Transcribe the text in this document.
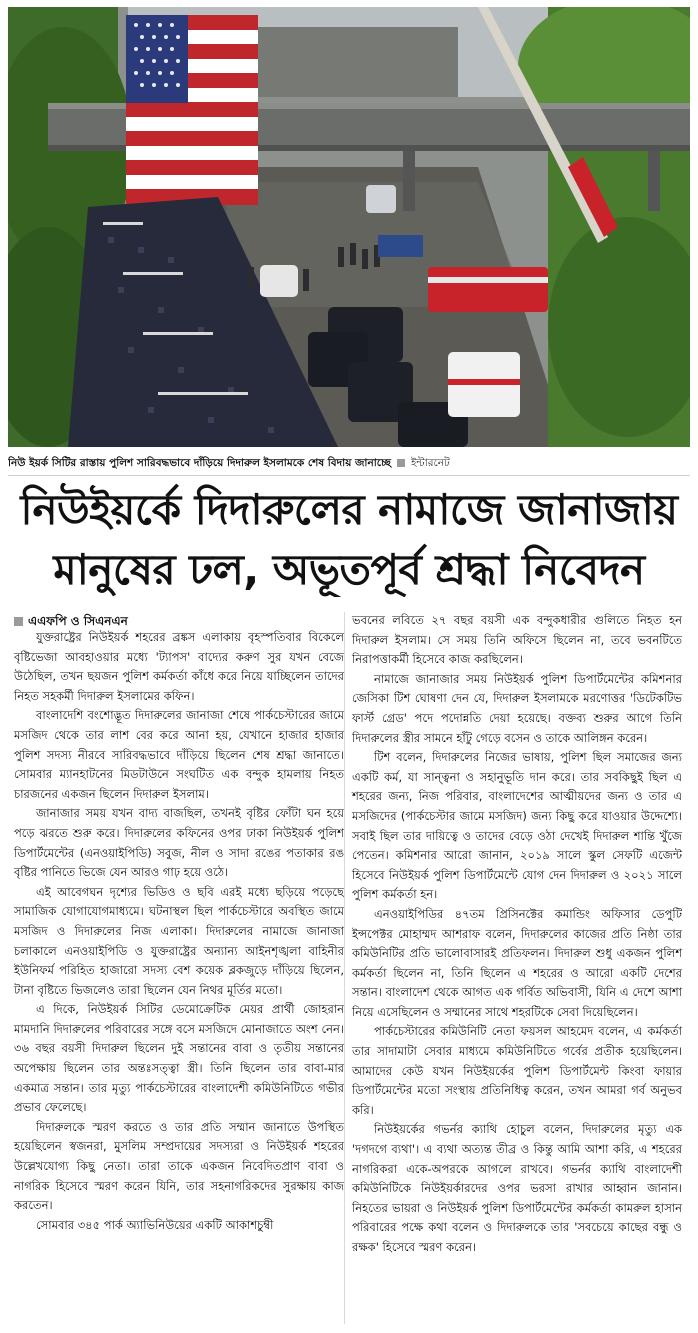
নিউ ইয়র্ক সিটির রাস্তায় পুলিশ সারিবদ্ধভাবে দাঁড়িয়ে দিদারুল ইসলামকে শেষ বিদায় জানাচ্ছে ইন্টারনেট
নিউইয়র্কে দিদারুলের নামাজে জানাজায়
মানুষের ঢল, অভূতপূর্ব শ্রদ্ধা নিবেদন
এএফপি ও সিএনএন

যুক্তরাষ্ট্রের নিউইয়র্ক শহরের ব্রঙ্কস এলাকায় বৃহস্পতিবার বিকেলে বৃষ্টিভেজা আবহাওয়ার মধ্যে 'ট্যাপস' বাদ্যের করুণ সুর যখন বেজে উঠেছিল, তখন ছয়জন পুলিশ কর্মকর্তা কাঁধে করে নিয়ে যাচ্ছিলেন তাদের নিহত সহকর্মী দিদারুল ইসলামের কফিন।

বাংলাদেশি বংশোদ্ভূত দিদারুলের জানাজা শেষে পার্কচেস্টারের জামে মসজিদ থেকে তার লাশ বের করে আনা হয়, যেখানে হাজার হাজার পুলিশ সদস্য নীরবে সারিবদ্ধভাবে দাঁড়িয়ে ছিলেন শেষ শ্রদ্ধা জানাতে। সোমবার ম্যানহাটনের মিডটাউনে সংঘটিত এক বন্দুক হামলায় নিহত চারজনের একজন ছিলেন দিদারুল ইসলাম।

জানাজার সময় যখন বাদ্য বাজছিল, তখনই বৃষ্টির ফোঁটা ঘন হয়ে পড়ে ঝরতে শুরু করে। দিদারুলের কফিনের ওপর ঢাকা নিউইয়র্ক পুলিশ ডিপার্টমেন্টের (এনওয়াইপিডি) সবুজ, নীল ও সাদা রঙের পতাকার রঙ বৃষ্টির পানিতে ভিজে যেন আরও গাঢ় হয়ে ওঠে।

এই আবেগঘন দৃশ্যের ভিডিও ও ছবি এরই মধ্যে ছড়িয়ে পড়েছে সামাজিক যোগাযোগমাধ্যমে। ঘটনাস্থল ছিল পার্কচেস্টারে অবস্থিত জামে মসজিদ ও দিদারুলের নিজ এলাকা। দিদারুলের নামাজে জানাজা চলাকালে এনওয়াইপিডি ও যুক্তরাষ্ট্রের অন্যান্য আইনশৃঙ্খলা বাহিনীর ইউনিফর্ম পরিহিত হাজারো সদস্য বেশ কয়েক ব্লকজুড়ে দাঁড়িয়ে ছিলেন, টানা বৃষ্টিতে ভিজলেও তারা ছিলেন যেন নিথর মূর্তির মতো।

এ দিকে, নিউইয়র্ক সিটির ডেমোক্রেটিক মেয়র প্রার্থী জোহরান মামদানি দিদারুলের পরিবারের সঙ্গে বসে মসজিদে মোনাজাতে অংশ নেন। ৩৬ বছর বয়সী দিদারুল ছিলেন দুই সন্তানের বাবা ও তৃতীয় সন্তানের অপেক্ষায় ছিলেন তার অন্তঃসত্ত্বা স্ত্রী। তিনি ছিলেন তার বাবা-মার একমাত্র সন্তান। তার মৃত্যু পার্কচেস্টারের বাংলাদেশী কমিউনিটিতে গভীর প্রভাব ফেলেছে।

দিদারুলকে স্মরণ করতে ও তার প্রতি সম্মান জানাতে উপস্থিত হয়েছিলেন স্বজনরা, মুসলিম সম্প্রদায়ের সদস্যরা ও নিউইয়র্ক শহরের উল্লেখযোগ্য কিছু নেতা। তারা তাকে একজন নিবেদিতপ্রাণ বাবা ও নাগরিক হিসেবে স্মরণ করেন যিনি, তার সহনাগরিকদের সুরক্ষায় কাজ করতেন।

সোমবার ৩৪৫ পার্ক অ্যাভিনিউয়ের একটি আকাশচুম্বী

ভবনের লবিতে ২৭ বছর বয়সী এক বন্দুকধারীর গুলিতে নিহত হন দিদারুল ইসলাম। সে সময় তিনি অফিসে ছিলেন না, তবে ভবনটিতে নিরাপত্তাকর্মী হিসেবে কাজ করছিলেন।

নামাজে জানাজার সময় নিউইয়র্ক পুলিশ ডিপার্টমেন্টের কমিশনার জেসিকা টিশ ঘোষণা দেন যে, দিদারুল ইসলামকে মরণোত্তর 'ডিটেকটিভ ফার্স্ট গ্রেড' পদে পদোন্নতি দেয়া হয়েছে। বক্তব্য শুরুর আগে তিনি দিদারুলের স্ত্রীর সামনে হাঁটু গেড়ে বসেন ও তাকে আলিঙ্গন করেন।

টিশ বলেন, দিদারুলের নিজের ভাষায়, পুলিশ ছিল সমাজের জন্য একটি কর্ম, যা সান্ত্বনা ও সহানুভূতি দান করে। তার সবকিছুই ছিল এ শহরের জন্য, নিজ পরিবার, বাংলাদেশের আত্মীয়দের জন্য ও তার এ মসজিদের (পার্কচেস্টার জামে মসজিদ) জন্য কিছু করে যাওয়ার উদ্দেশ্যে। সবাই ছিল তার দায়িত্বে ও তাদের বেড়ে ওঠা দেখেই দিদারুল শান্তি খুঁজে পেতেন। কমিশনার আরো জানান, ২০১৯ সালে স্কুল সেফটি এজেন্ট হিসেবে নিউইয়র্ক পুলিশ ডিপার্টমেন্টে যোগ দেন দিদারুল ও ২০২১ সালে পুলিশ কর্মকর্তা হন।

এনওয়াইপিডির ৪৭তম প্রিসিনক্টের কমান্ডিং অফিসার ডেপুটি ইন্সপেক্টর মোহাম্মদ আশরাফ বলেন, দিদারুলের কাজের প্রতি নিষ্ঠা তার কমিউনিটির প্রতি ভালোবাসারই প্রতিফলন। দিদারুল শুধু একজন পুলিশ কর্মকর্তা ছিলেন না, তিনি ছিলেন এ শহরের ও আরো একটি দেশের সন্তান। বাংলাদেশ থেকে আগত এক গর্বিত অভিবাসী, যিনি এ দেশে আশা নিয়ে এসেছিলেন ও সম্মানের সাথে শহরটিকে সেবা দিয়েছিলেন।

পার্কচেস্টারের কমিউনিটি নেতা ফয়সল আহমেদ বলেন, এ কর্মকর্তা তার সাদামাটা সেবার মাধ্যমে কমিউনিটিতে গর্বের প্রতীক হয়েছিলেন। আমাদের কেউ যখন নিউইয়র্কের পুলিশ ডিপার্টমেন্ট কিংবা ফায়ার ডিপার্টমেন্টের মতো সংস্থায় প্রতিনিধিত্ব করেন, তখন আমরা গর্ব অনুভব করি।

নিউইয়র্কের গভর্নর ক্যাথি হোচুল বলেন, দিদারুলের মৃত্যু এক 'দগদগে ব্যথা'। এ ব্যথা অত্যন্ত তীব্র ও কিন্তু আমি আশা করি, এ শহরের নাগরিকরা একে-অপরকে আগলে রাখবে। গভর্নর ক্যাথি বাংলাদেশী কমিউনিটিকে নিউইয়র্কারদের ওপর ভরসা রাখার আহ্বান জানান। নিহতের ভায়রা ও নিউইয়র্ক পুলিশ ডিপার্টমেন্টের কর্মকর্তা কামরুল হাসান পরিবারের পক্ষে কথা বলেন ও দিদারুলকে তার 'সবচেয়ে কাছের বন্ধু ও রক্ষক' হিসেবে স্মরণ করেন।
